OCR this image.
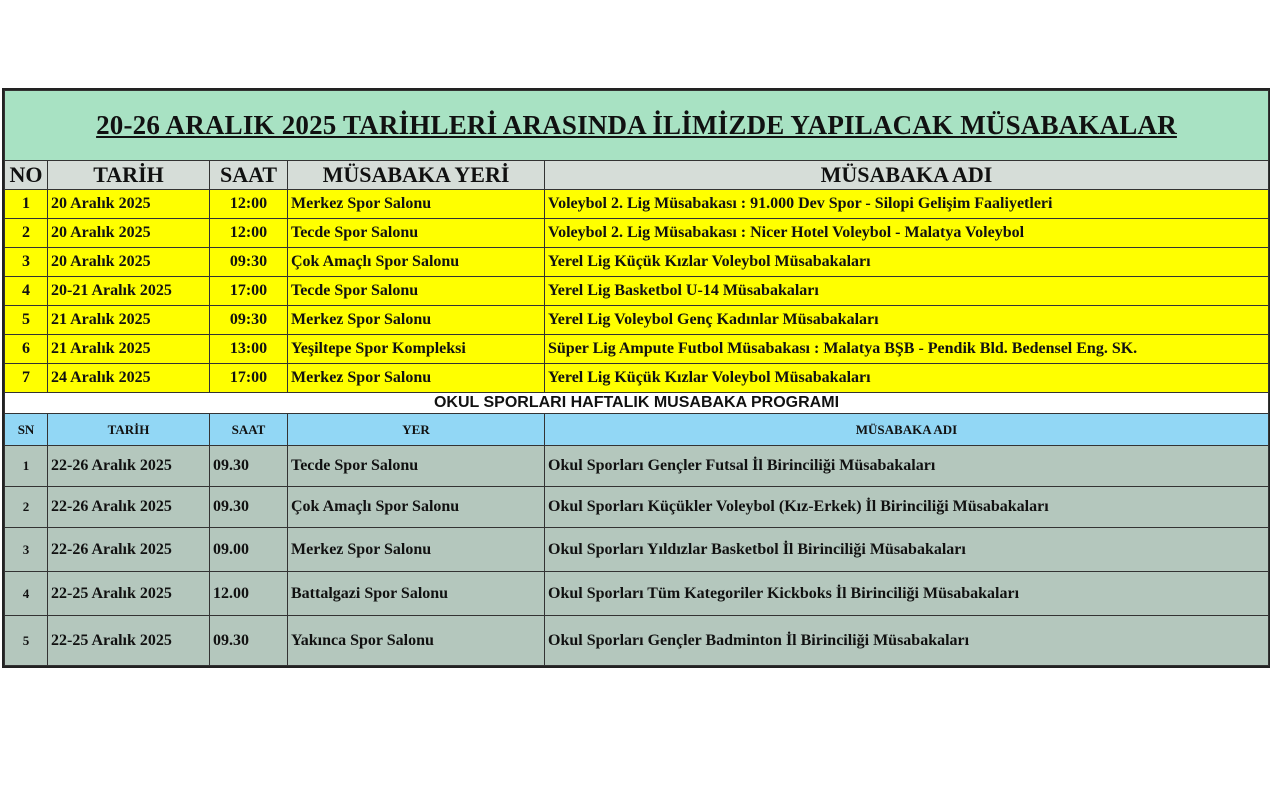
20-26 ARALIK 2025 TARİHLERİ ARASINDA İLİMİZDE YAPILACAK MÜSABAKALAR				
NO	TARİH	SAAT	MÜSABAKA YERİ	MÜSABAKA ADI
1	20 Aralık 2025	12:00	Merkez Spor Salonu	Voleybol 2. Lig Müsabakası : 91.000 Dev Spor - Silopi Gelişim Faaliyetleri
2	20 Aralık 2025	12:00	Tecde Spor Salonu	Voleybol 2. Lig Müsabakası : Nicer Hotel Voleybol - Malatya Voleybol
3	20 Aralık 2025	09:30	Çok Amaçlı Spor Salonu	Yerel Lig Küçük Kızlar Voleybol Müsabakaları
4	20-21 Aralık 2025	17:00	Tecde Spor Salonu	Yerel Lig Basketbol U-14 Müsabakaları
5	21 Aralık 2025	09:30	Merkez Spor Salonu	Yerel Lig Voleybol Genç Kadınlar Müsabakaları
6	21 Aralık 2025	13:00	Yeşiltepe Spor Kompleksi	Süper Lig Ampute Futbol Müsabakası : Malatya BŞB - Pendik Bld. Bedensel Eng. SK.
7	24 Aralık 2025	17:00	Merkez Spor Salonu	Yerel Lig Küçük Kızlar Voleybol Müsabakaları
OKUL SPORLARI HAFTALIK MUSABAKA PROGRAMI				
SN	TARİH	SAAT	YER	MÜSABAKA ADI
1	22-26 Aralık 2025	09.30	Tecde Spor Salonu	Okul Sporları Gençler Futsal İl Birinciliği Müsabakaları
2	22-26 Aralık 2025	09.30	Çok Amaçlı Spor Salonu	Okul Sporları Küçükler Voleybol (Kız-Erkek) İl Birinciliği Müsabakaları
3	22-26 Aralık 2025	09.00	Merkez Spor Salonu	Okul Sporları Yıldızlar Basketbol İl Birinciliği Müsabakaları
4	22-25 Aralık 2025	12.00	Battalgazi Spor Salonu	Okul Sporları Tüm Kategoriler Kickboks İl Birinciliği Müsabakaları
5	22-25 Aralık 2025	09.30	Yakınca Spor Salonu	Okul Sporları Gençler Badminton İl Birinciliği Müsabakaları
